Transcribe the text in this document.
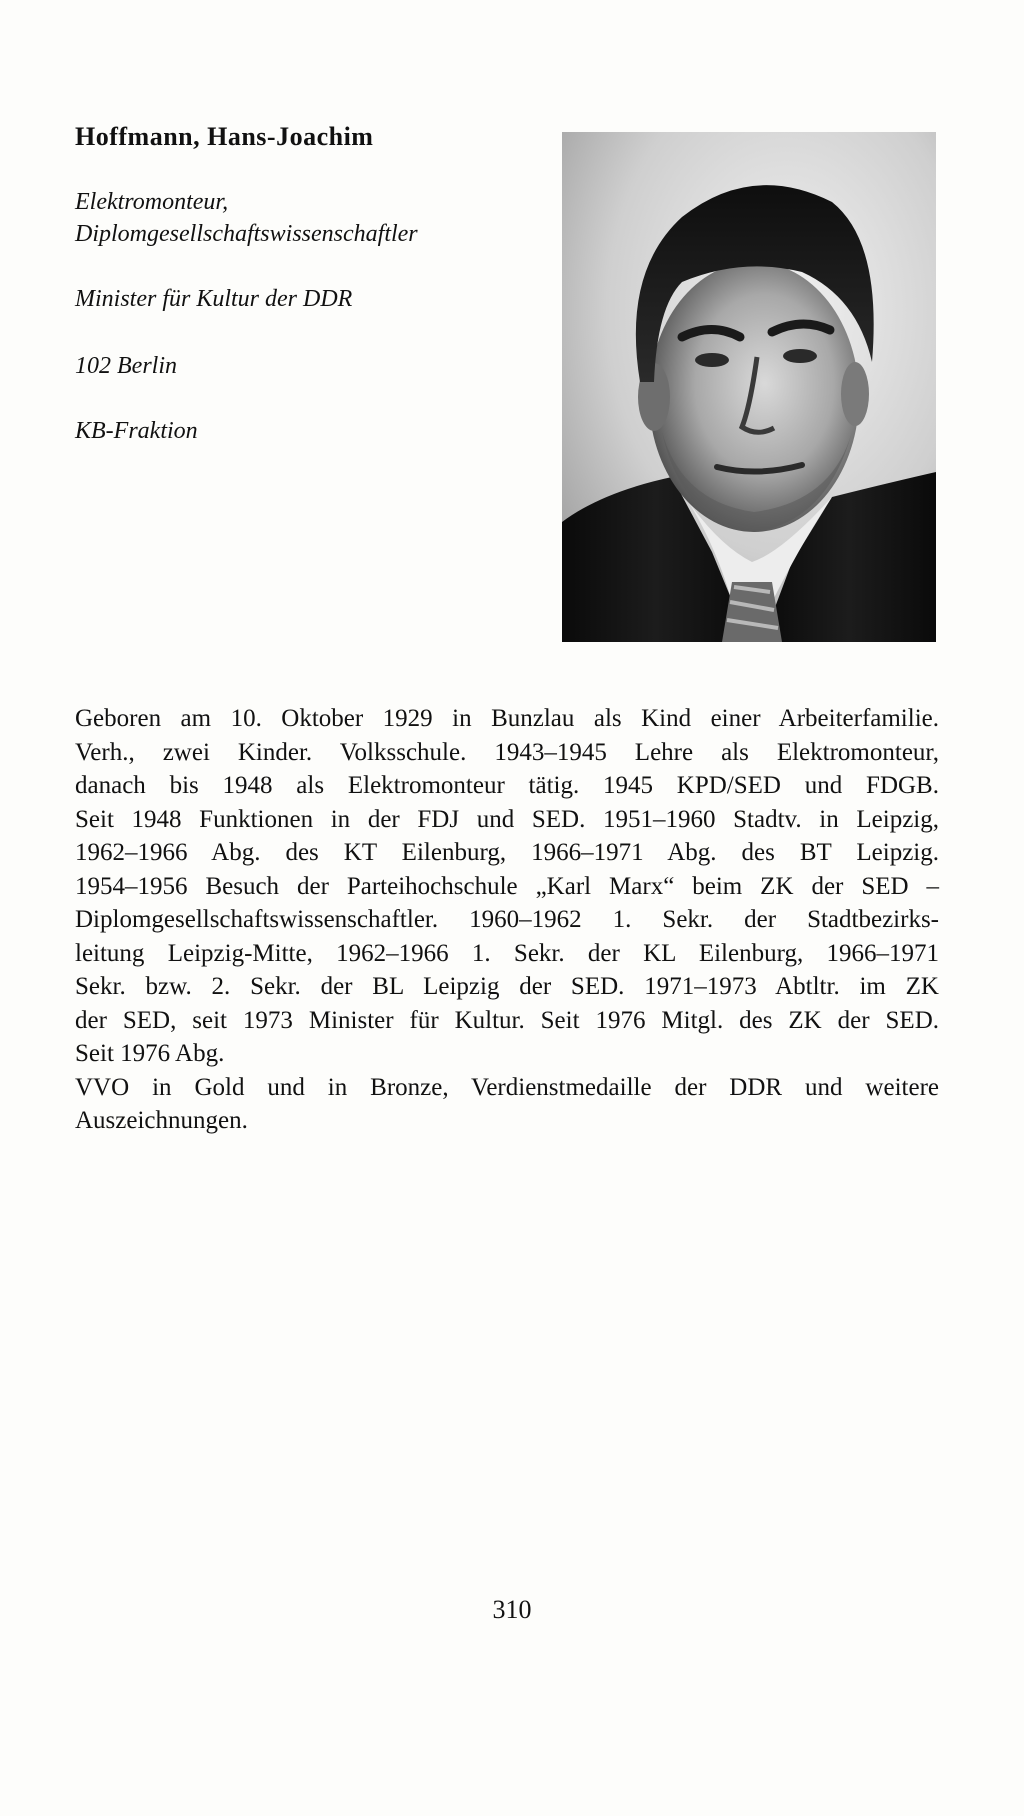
Hoffmann, Hans-Joachim
Elektromonteur,
Diplomgesellschaftswissenschaftler

Minister für Kultur der DDR

102 Berlin

KB-Fraktion

Geboren am 10. Oktober 1929 in Bunzlau als Kind einer Arbeiterfamilie.
Verh., zwei Kinder. Volksschule. 1943–1945 Lehre als Elektromonteur,
danach bis 1948 als Elektromonteur tätig. 1945 KPD/SED und FDGB.
Seit 1948 Funktionen in der FDJ und SED. 1951–1960 Stadtv. in Leipzig,
1962–1966 Abg. des KT Eilenburg, 1966–1971 Abg. des BT Leipzig.
1954–1956 Besuch der Parteihochschule „Karl Marx“ beim ZK der SED –
Diplomgesellschaftswissenschaftler. 1960–1962 1. Sekr. der Stadtbezirks-
leitung Leipzig-Mitte, 1962–1966 1. Sekr. der KL Eilenburg, 1966–1971
Sekr. bzw. 2. Sekr. der BL Leipzig der SED. 1971–1973 Abtltr. im ZK
der SED, seit 1973 Minister für Kultur. Seit 1976 Mitgl. des ZK der SED.
Seit 1976 Abg.
VVO in Gold und in Bronze, Verdienstmedaille der DDR und weitere
Auszeichnungen.

310
